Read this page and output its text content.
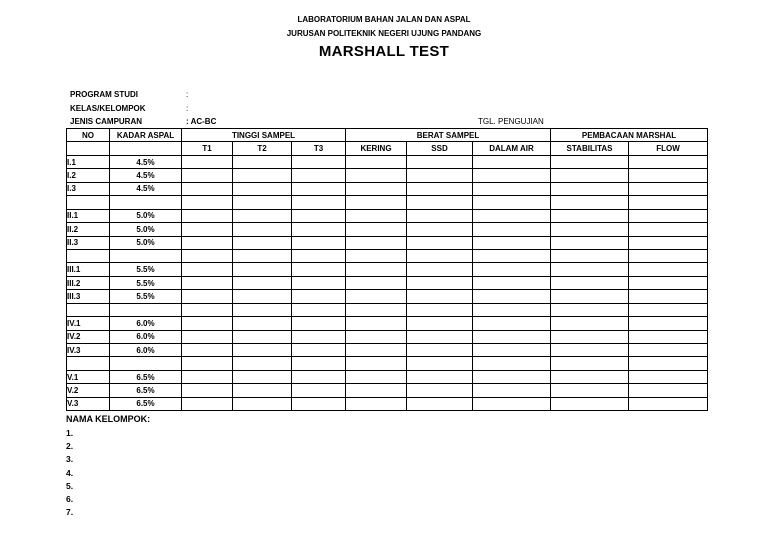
LABORATORIUM BAHAN JALAN DAN ASPAL
JURUSAN POLITEKNIK NEGERI UJUNG PANDANG
MARSHALL TEST
PROGRAM STUDI	:
KELAS/KELOMPOK	:
JENIS CAMPURAN	: AC-BC	TGL. PENGUJIAN
NO	KADAR ASPAL	TINGGI SAMPEL			BERAT SAMPEL			PEMBACAAN MARSHAL	
		T1	T2	T3	KERING	SSD	DALAM AIR	STABILITAS	FLOW
I.1	4.5%								
I.2	4.5%								
I.3	4.5%								

II.1	5.0%								
II.2	5.0%								
II.3	5.0%								

III.1	5.5%								
III.2	5.5%								
III.3	5.5%								

IV.1	6.0%								
IV.2	6.0%								
IV.3	6.0%								

V.1	6.5%								
V.2	6.5%								
V.3	6.5%								
NAMA KELOMPOK:
1.
2.
3.
4.
5.
6.
7.
